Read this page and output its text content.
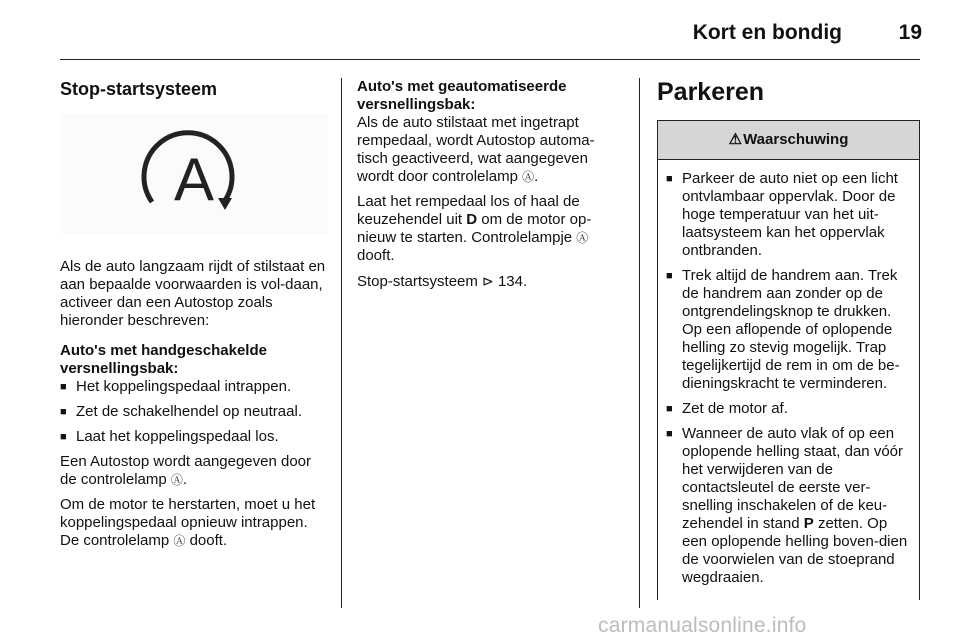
Kort en bondig	19
Stop-startsysteem
A

Als de auto langzaam rijdt of stilstaat en aan bepaalde voorwaarden is vol-daan, activeer dan een Autostop zoals hieronder beschreven:

Auto's met handgeschakelde versnellingsbak:

■ Het koppelingspedaal intrappen.
■ Zet de schakelhendel op neutraal.
■ Laat het koppelingspedaal los.

Een Autostop wordt aangegeven door de controlelamp Ⓐ.

Om de motor te herstarten, moet u het koppelingspedaal opnieuw intrappen. De controlelamp Ⓐ dooft.

Auto's met geautomatiseerde versnellingsbak:

Als de auto stilstaat met ingetrapt rempedaal, wordt Autostop automa-tisch geactiveerd, wat aangegeven wordt door controlelamp Ⓐ.

Laat het rempedaal los of haal de keuzehendel uit D om de motor op-nieuw te starten. Controlelampje Ⓐ dooft.

Stop-startsysteem ⊳ 134.

Parkeren
⚠Waarschuwing
■ Parkeer de auto niet op een licht ontvlambaar oppervlak. Door de hoge temperatuur van het uit-laatsysteem kan het oppervlak ontbranden.
■ Trek altijd de handrem aan. Trek de handrem aan zonder op de ontgrendelingsknop te drukken. Op een aflopende of oplopende helling zo stevig mogelijk. Trap tegelijkertijd de rem in om de be-dieningskracht te verminderen.
■ Zet de motor af.
■ Wanneer de auto vlak of op een oplopende helling staat, dan vóór het verwijderen van de contactsleutel de eerste ver-snelling inschakelen of de keu-zehendel in stand P zetten. Op een oplopende helling boven-dien de voorwielen van de stoeprand wegdraaien.
carmanualsonline.info
